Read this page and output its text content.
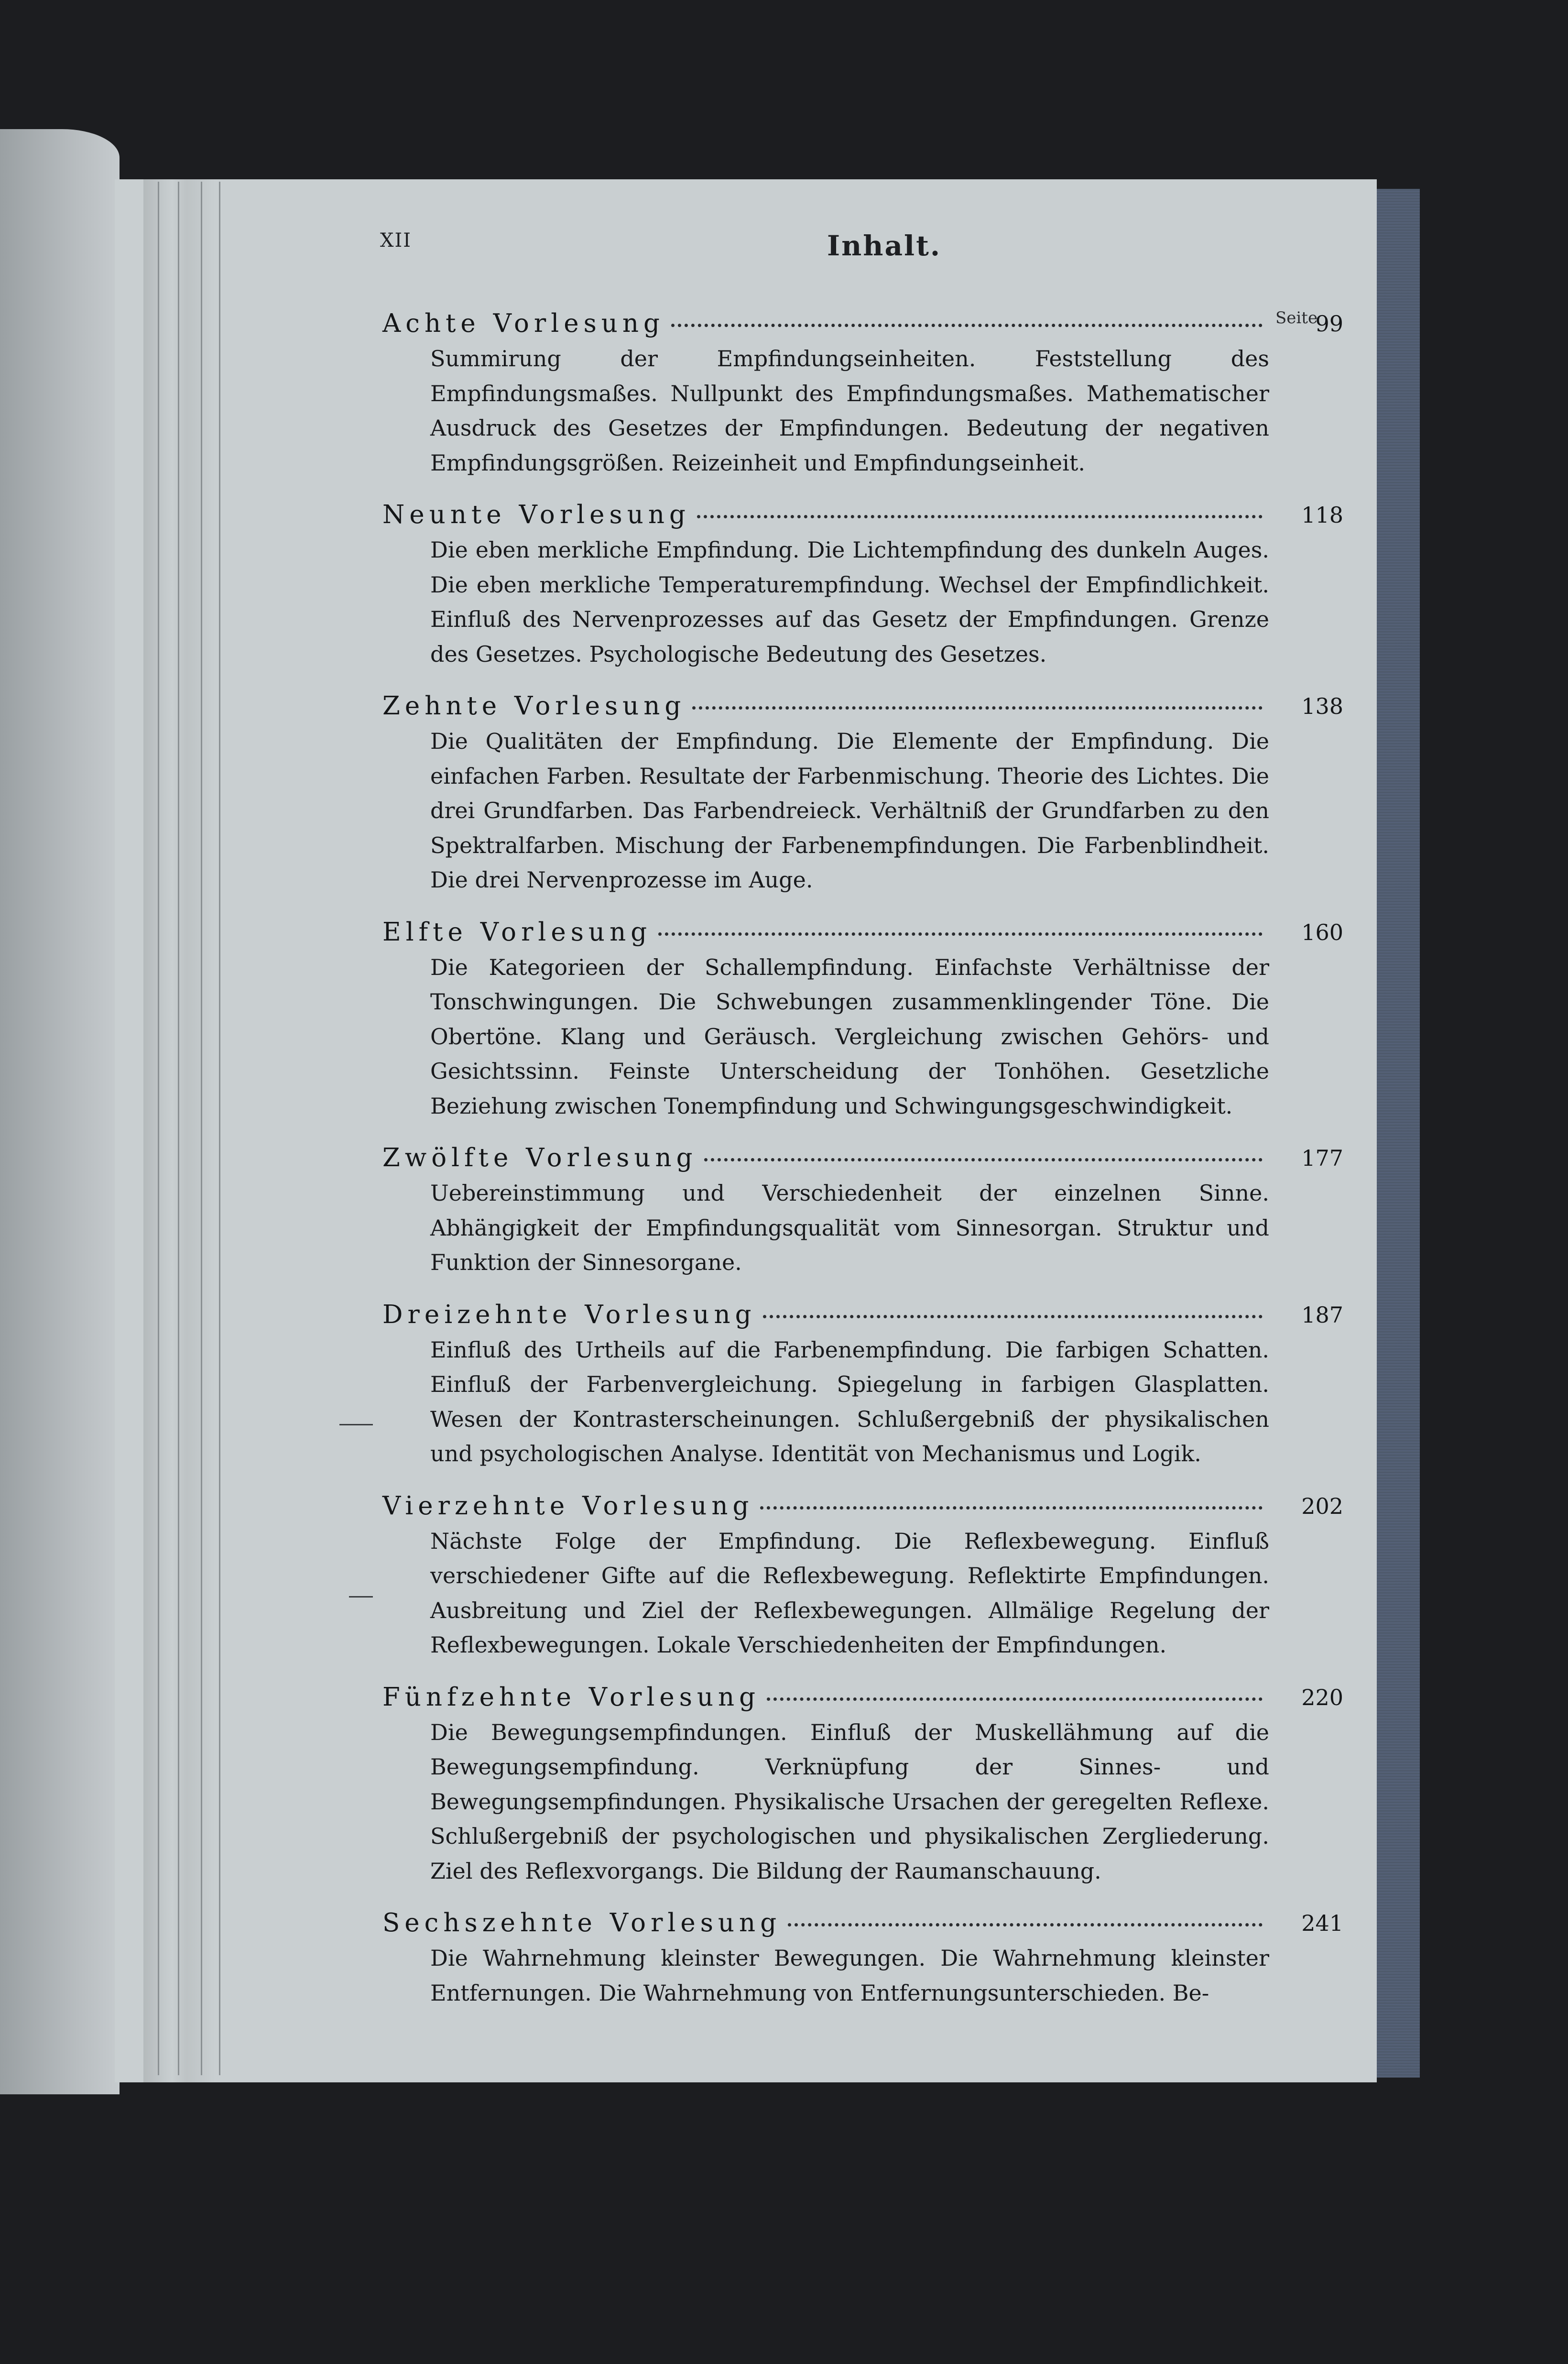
XII	Inhalt.
Seite
Achte Vorlesung	99
Summirung der Empfindungseinheiten. Feststellung des Empfindungsmaßes. Nullpunkt des Empfindungsmaßes. Mathematischer Ausdruck des Gesetzes der Empfindungen. Bedeutung der negativen Empfindungsgrößen. Reizeinheit und Empfindungseinheit.
Neunte Vorlesung	118
Die eben merkliche Empfindung. Die Lichtempfindung des dunkeln Auges. Die eben merkliche Temperaturempfindung. Wechsel der Empfindlichkeit. Einfluß des Nervenprozesses auf das Gesetz der Empfindungen. Grenze des Gesetzes. Psychologische Bedeutung des Gesetzes.
Zehnte Vorlesung	138
Die Qualitäten der Empfindung. Die Elemente der Empfindung. Die einfachen Farben. Resultate der Farbenmischung. Theorie des Lichtes. Die drei Grundfarben. Das Farbendreieck. Verhältniß der Grundfarben zu den Spektralfarben. Mischung der Farbenempfindungen. Die Farbenblindheit. Die drei Nervenprozesse im Auge.
Elfte Vorlesung	160
Die Kategorieen der Schallempfindung. Einfachste Verhältnisse der Tonschwingungen. Die Schwebungen zusammenklingender Töne. Die Obertöne. Klang und Geräusch. Vergleichung zwischen Gehörs- und Gesichtssinn. Feinste Unterscheidung der Tonhöhen. Gesetzliche Beziehung zwischen Tonempfindung und Schwingungsgeschwindigkeit.
Zwölfte Vorlesung	177
Uebereinstimmung und Verschiedenheit der einzelnen Sinne. Abhängigkeit der Empfindungsqualität vom Sinnesorgan. Struktur und Funktion der Sinnesorgane.
Dreizehnte Vorlesung	187
Einfluß des Urtheils auf die Farbenempfindung. Die farbigen Schatten. Einfluß der Farbenvergleichung. Spiegelung in farbigen Glasplatten. Wesen der Kontrasterscheinungen. Schlußergebniß der physikalischen und psychologischen Analyse. Identität von Mechanismus und Logik.
Vierzehnte Vorlesung	202
Nächste Folge der Empfindung. Die Reflexbewegung. Einfluß verschiedener Gifte auf die Reflexbewegung. Reflektirte Empfindungen. Ausbreitung und Ziel der Reflexbewegungen. Allmälige Regelung der Reflexbewegungen. Lokale Verschiedenheiten der Empfindungen.
Fünfzehnte Vorlesung	220
Die Bewegungsempfindungen. Einfluß der Muskellähmung auf die Bewegungsempfindung. Verknüpfung der Sinnes- und Bewegungsempfindungen. Physikalische Ursachen der geregelten Reflexe. Schlußergebniß der psychologischen und physikalischen Zergliederung. Ziel des Reflexvorgangs. Die Bildung der Raumanschauung.
Sechszehnte Vorlesung	241
Die Wahrnehmung kleinster Bewegungen. Die Wahrnehmung kleinster Entfernungen. Die Wahrnehmung von Entfernungsunterschieden. Be-
